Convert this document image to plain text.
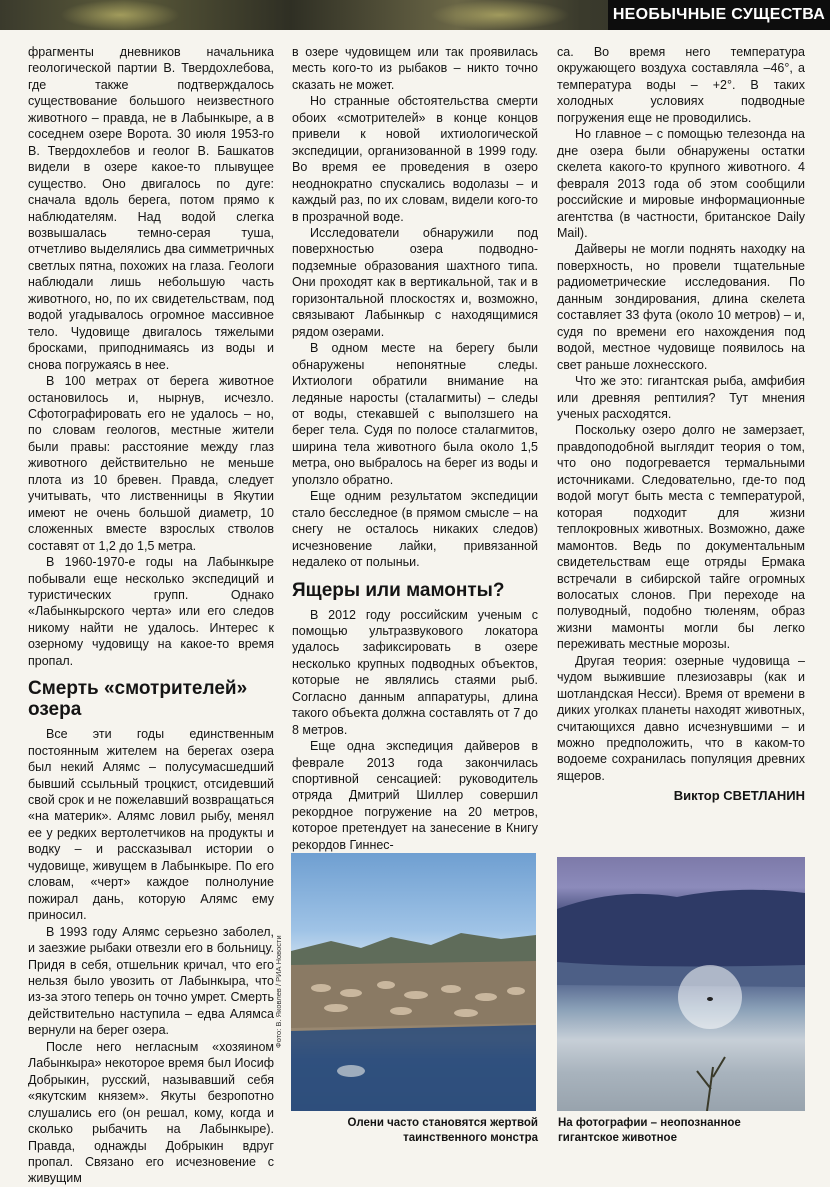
НЕОБЫЧНЫЕ СУЩЕСТВА

фрагменты дневников начальника геологической партии В. Твердохлебова, где также подтверждалось существование большого неизвестного животного – правда, не в Лабынкыре, а в соседнем озере Ворота. 30 июля 1953-го В. Твердохлебов и геолог В. Башкатов видели в озере какое-то плывущее существо. Оно двигалось по дуге: сначала вдоль берега, потом прямо к наблюдателям. Над водой слегка возвышалась темно-серая туша, отчетливо выделялись два симметричных светлых пятна, похожих на глаза. Геологи наблюдали лишь небольшую часть животного, но, по их свидетельствам, под водой угадывалось огромное массивное тело. Чудовище двигалось тяжелыми бросками, приподнимаясь из воды и снова погружаясь в нее.

В 100 метрах от берега животное остановилось и, нырнув, исчезло. Сфотографировать его не удалось – но, по словам геологов, местные жители были правы: расстояние между глаз животного действительно не меньше плота из 10 бревен. Правда, следует учитывать, что лиственницы в Якутии имеют не очень большой диаметр, 10 сложенных вместе взрослых стволов составят от 1,2 до 1,5 метра.

В 1960-1970-е годы на Лабынкыре побывали еще несколько экспедиций и туристических групп. Однако «Лабынкырского черта» или его следов никому найти не удалось. Интерес к озерному чудовищу на какое-то время пропал.

Смерть «смотрителей» озера

Все эти годы единственным постоянным жителем на берегах озера был некий Алямс – полусумасшедший бывший ссыльный троцкист, отсидевший свой срок и не пожелавший возвращаться «на материк». Алямс ловил рыбу, менял ее у редких вертолетчиков на продукты и водку – и рассказывал истории о чудовище, живущем в Лабынкыре. По его словам, «черт» каждое полнолуние пожирал дань, которую Алямс ему приносил.

В 1993 году Алямс серьезно заболел, и заезжие рыбаки отвезли его в больницу. Придя в себя, отшельник кричал, что его нельзя было увозить от Лабынкыра, что из-за этого теперь он точно умрет. Смерть действительно наступила – едва Алямса вернули на берег озера.

После него негласным «хозяином Лабынкыра» некоторое время был Иосиф Добрыкин, русский, называвший себя «якутским князем». Якуты безропотно слушались его (он решал, кому, когда и сколько рыбачить на Лабынкыре). Правда, однажды Добрыкин вдруг пропал. Связано его исчезновение с живущим

в озере чудовищем или так проявилась месть кого-то из рыбаков – никто точно сказать не может.

Но странные обстоятельства смерти обоих «смотрителей» в конце концов привели к новой ихтиологической экспедиции, организованной в 1999 году. Во время ее проведения в озеро неоднократно спускались водолазы – и каждый раз, по их словам, видели кого-то в прозрачной воде.

Исследователи обнаружили под поверхностью озера подводно-подземные образования шахтного типа. Они проходят как в вертикальной, так и в горизонтальной плоскостях и, возможно, связывают Лабынкыр с находящимися рядом озерами.

В одном месте на берегу были обнаружены непонятные следы. Ихтиологи обратили внимание на ледяные наросты (сталагмиты) – следы от воды, стекавшей с выползшего на берег тела. Судя по полосе сталагмитов, ширина тела животного была около 1,5 метра, оно выбралось на берег из воды и уползло обратно.

Еще одним результатом экспедиции стало бесследное (в прямом смысле – на снегу не осталось никаких следов) исчезновение лайки, привязанной недалеко от полыньи.

Ящеры или мамонты?

В 2012 году российским ученым с помощью ультразвукового локатора удалось зафиксировать в озере несколько крупных подводных объектов, которые не являлись стаями рыб. Согласно данным аппаратуры, длина такого объекта должна составлять от 7 до 8 метров.

Еще одна экспедиция дайверов в феврале 2013 года закончилась спортивной сенсацией: руководитель отряда Дмитрий Шиллер совершил рекордное погружение на 20 метров, которое претендует на занесение в Книгу рекордов Гиннес-

са. Во время него температура окружающего воздуха составляла –46°, а температура воды – +2°. В таких холодных условиях подводные погружения еще не проводились.

Но главное – с помощью телезонда на дне озера были обнаружены остатки скелета какого-то крупного животного. 4 февраля 2013 года об этом сообщили российские и мировые информационные агентства (в частности, британское Daily Mail).

Дайверы не могли поднять находку на поверхность, но провели тщательные радиометрические исследования. По данным зондирования, длина скелета составляет 33 фута (около 10 метров) – и, судя по времени его нахождения под водой, местное чудовище появилось на свет раньше лохнесского.

Что же это: гигантская рыба, амфибия или древняя рептилия? Тут мнения ученых расходятся.

Поскольку озеро долго не замерзает, правдоподобной выглядит теория о том, что оно подогревается термальными источниками. Следовательно, где-то под водой могут быть места с температурой, которая подходит для жизни теплокровных животных. Возможно, даже мамонтов. Ведь по документальным свидетельствам еще отряды Ермака встречали в сибирской тайге огромных волосатых слонов. При переходе на полуводный, подобно тюленям, образ жизни мамонты могли бы легко переживать местные морозы.

Другая теория: озерные чудовища – чудом выжившие плезиозавры (как и шотландская Несси). Время от времени в диких уголках планеты находят животных, считающихся давно исчезнувшими – и можно предположить, что в каком-то водоеме сохранилась популяция древних ящеров.

Виктор СВЕТЛАНИН
Фото: В. Яковлев / РИА Новости
Олени часто становятся жертвой таинственного монстра
На фотографии – неопознанное гигантское животное
